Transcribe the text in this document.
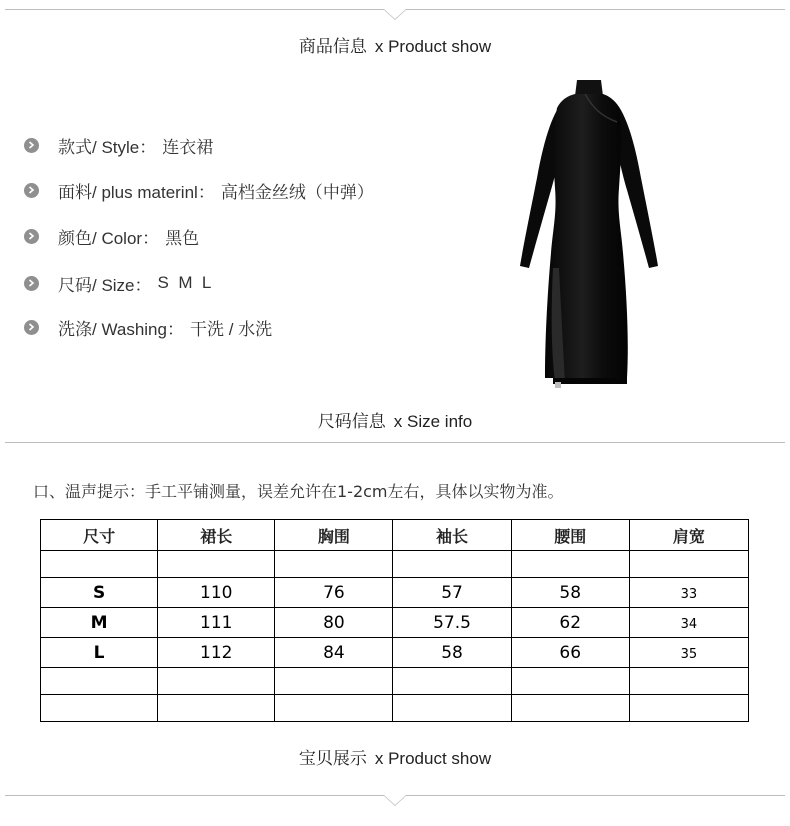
商品信息 x Product show
款式/ Style： 连衣裙
面料/ plus materinl： 高档金丝绒（中弹）
颜色/ Color： 黑色
尺码/ Size： S  M  L
洗涤/ Washing： 干洗 / 水洗
尺码信息 x Size info
口、温声提示：手工平铺测量，误差允许在1-2cm左右，具体以实物为准。
尺寸	裙长	胸围	袖长	腰围	肩宽

S	110	76	57	58	33
M	111	80	57.5	62	34
L	112	84	58	66	35

宝贝展示 x Product show
